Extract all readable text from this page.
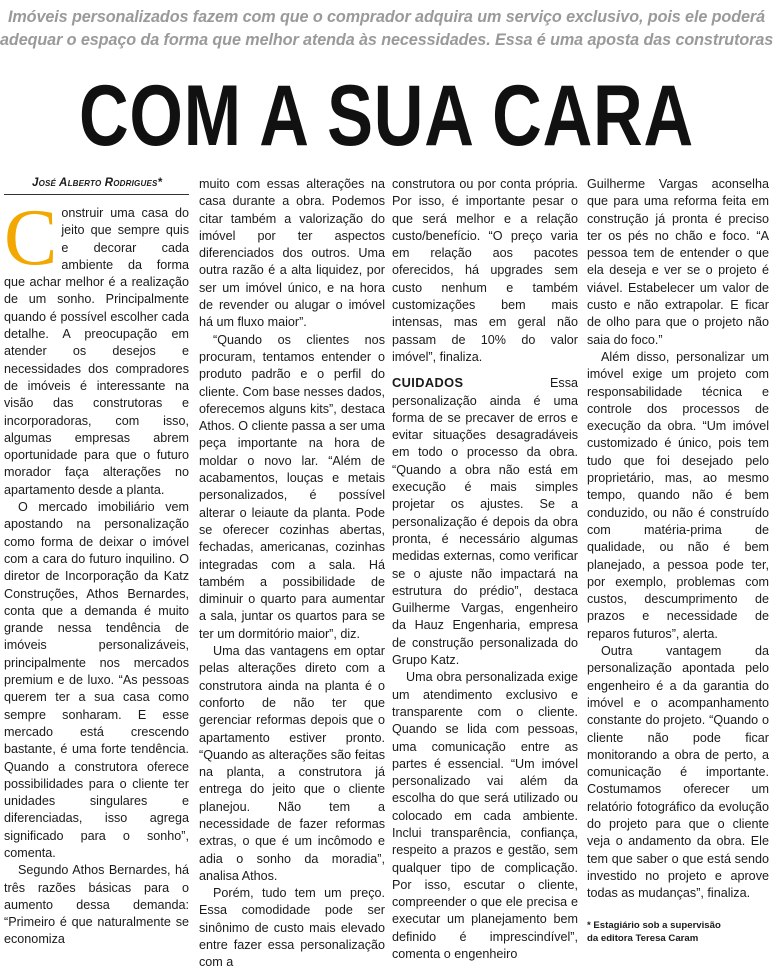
Imóveis personalizados fazem com que o comprador adquira um serviço exclusivo, pois ele poderá
adequar o espaço da forma que melhor atenda às necessidades. Essa é uma aposta das construtoras
COM A SUA CARA
José Alberto Rodrigues*

Construir uma casa do jeito que sempre quis e decorar cada ambiente da forma que achar melhor é a realização de um sonho. Principalmente quando é possível escolher cada detalhe. A preocupação em atender os desejos e necessidades dos compradores de imóveis é interessante na visão das construtoras e incorporadoras, com isso, algumas empresas abrem oportunidade para que o futuro morador faça alterações no apartamento desde a planta.

O mercado imobiliário vem apostando na personalização como forma de deixar o imóvel com a cara do futuro inquilino. O diretor de Incorporação da Katz Construções, Athos Bernardes, conta que a demanda é muito grande nessa tendência de imóveis personalizáveis, principalmente nos mercados premium e de luxo. “As pessoas querem ter a sua casa como sempre sonharam. E esse mercado está crescendo bastante, é uma forte tendência. Quando a construtora oferece possibilidades para o cliente ter unidades singulares e diferenciadas, isso agrega significado para o sonho”, comenta.

Segundo Athos Bernardes, há três razões básicas para o aumento dessa demanda: “Primeiro é que naturalmente se economiza

muito com essas alterações na casa durante a obra. Podemos citar também a valorização do imóvel por ter aspectos diferenciados dos outros. Uma outra razão é a alta liquidez, por ser um imóvel único, e na hora de revender ou alugar o imóvel há um fluxo maior”.

“Quando os clientes nos procuram, tentamos entender o produto padrão e o perfil do cliente. Com base nesses dados, oferecemos alguns kits”, destaca Athos. O cliente passa a ser uma peça importante na hora de moldar o novo lar. “Além de acabamentos, louças e metais personalizados, é possível alterar o leiaute da planta. Pode se oferecer cozinhas abertas, fechadas, americanas, cozinhas integradas com a sala. Há também a possibilidade de diminuir o quarto para aumentar a sala, juntar os quartos para se ter um dormitório maior”, diz.

Uma das vantagens em optar pelas alterações direto com a construtora ainda na planta é o conforto de não ter que gerenciar reformas depois que o apartamento estiver pronto. “Quando as alterações são feitas na planta, a construtora já entrega do jeito que o cliente planejou. Não tem a necessidade de fazer reformas extras, o que é um incômodo e adia o sonho da moradia”, analisa Athos.

Porém, tudo tem um preço. Essa comodidade pode ser sinônimo de custo mais elevado entre fazer essa personalização com a

construtora ou por conta própria. Por isso, é importante pesar o que será melhor e a relação custo/benefício. “O preço varia em relação aos pacotes oferecidos, há upgrades sem custo nenhum e também customizações bem mais intensas, mas em geral não passam de 10% do valor imóvel”, finaliza.

CUIDADOS Essa personalização ainda é uma forma de se precaver de erros e evitar situações desagradáveis em todo o processo da obra. “Quando a obra não está em execução é mais simples projetar os ajustes. Se a personalização é depois da obra pronta, é necessário algumas medidas externas, como verificar se o ajuste não impactará na estrutura do prédio”, destaca Guilherme Vargas, engenheiro da Hauz Engenharia, empresa de construção personalizada do Grupo Katz.

Uma obra personalizada exige um atendimento exclusivo e transparente com o cliente. Quando se lida com pessoas, uma comunicação entre as partes é essencial. “Um imóvel personalizado vai além da escolha do que será utilizado ou colocado em cada ambiente. Inclui transparência, confiança, respeito a prazos e gestão, sem qualquer tipo de complicação. Por isso, escutar o cliente, compreender o que ele precisa e executar um planejamento bem definido é imprescindível”, comenta o engenheiro

Guilherme Vargas aconselha que para uma reforma feita em construção já pronta é preciso ter os pés no chão e foco. “A pessoa tem de entender o que ela deseja e ver se o projeto é viável. Estabelecer um valor de custo e não extrapolar. E ficar de olho para que o projeto não saia do foco.”

Além disso, personalizar um imóvel exige um projeto com responsabilidade técnica e controle dos processos de execução da obra. “Um imóvel customizado é único, pois tem tudo que foi desejado pelo proprietário, mas, ao mesmo tempo, quando não é bem conduzido, ou não é construído com matéria-prima de qualidade, ou não é bem planejado, a pessoa pode ter, por exemplo, problemas com custos, descumprimento de prazos e necessidade de reparos futuros”, alerta.

Outra vantagem da personalização apontada pelo engenheiro é a da garantia do imóvel e o acompanhamento constante do projeto. “Quando o cliente não pode ficar monitorando a obra de perto, a comunicação é importante. Costumamos oferecer um relatório fotográfico da evolução do projeto para que o cliente veja o andamento da obra. Ele tem que saber o que está sendo investido no projeto e aprove todas as mudanças”, finaliza.

* Estagiário sob a supervisão
da editora Teresa Caram
